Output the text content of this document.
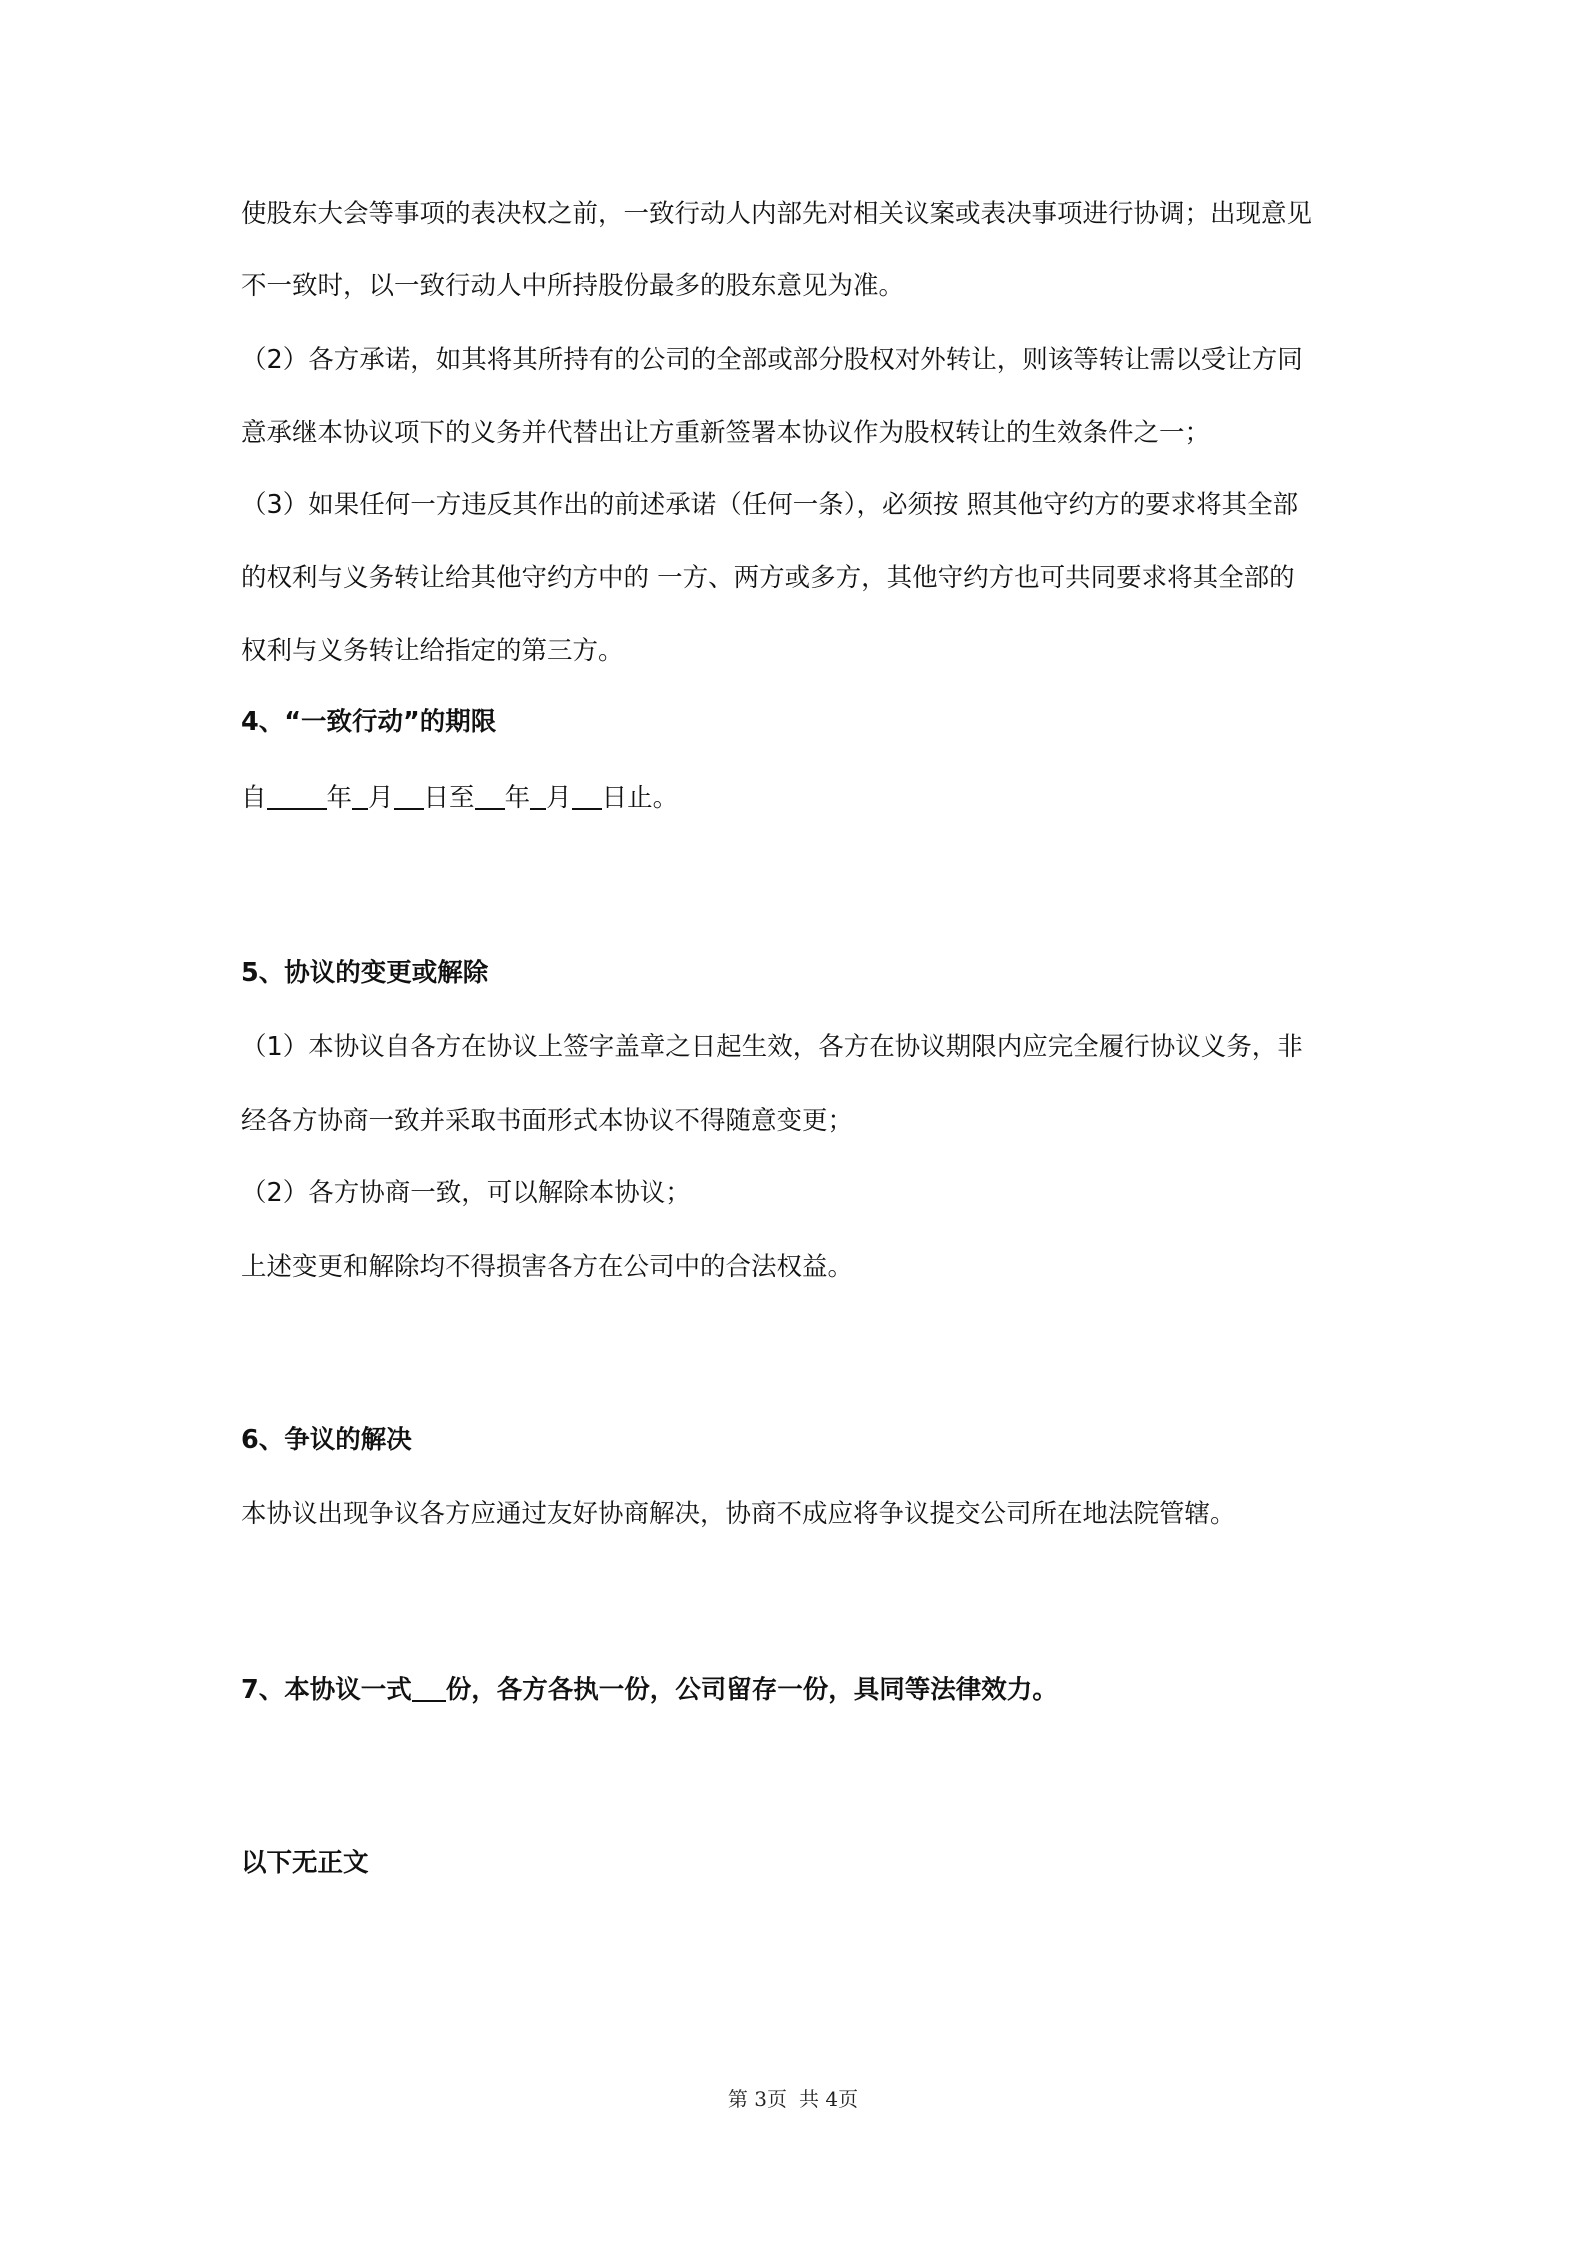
使股东大会等事项的表决权之前，一致行动人内部先对相关议案或表决事项进行协调；出现意见
不一致时，以一致行动人中所持股份最多的股东意见为准。
（2）各方承诺，如其将其所持有的公司的全部或部分股权对外转让，则该等转让需以受让方同
意承继本协议项下的义务并代替出让方重新签署本协议作为股权转让的生效条件之一；
（3）如果任何一方违反其作出的前述承诺（任何一条），必须按 照其他守约方的要求将其全部
的权利与义务转让给其他守约方中的 一方、两方或多方，其他守约方也可共同要求将其全部的
权利与义务转让给指定的第三方。
4、“一致行动”的期限
自 年 月 日至 年 月 日止。
5、协议的变更或解除
（1）本协议自各方在协议上签字盖章之日起生效，各方在协议期限内应完全履行协议义务，非
经各方协商一致并采取书面形式本协议不得随意变更；
（2）各方协商一致，可以解除本协议；
上述变更和解除均不得损害各方在公司中的合法权益。
6、争议的解决
本协议出现争议各方应通过友好协商解决，协商不成应将争议提交公司所在地法院管辖。
7、本协议一式 份，各方各执一份，公司留存一份，具同等法律效力。
以下无正文
第 3页 共 4页
